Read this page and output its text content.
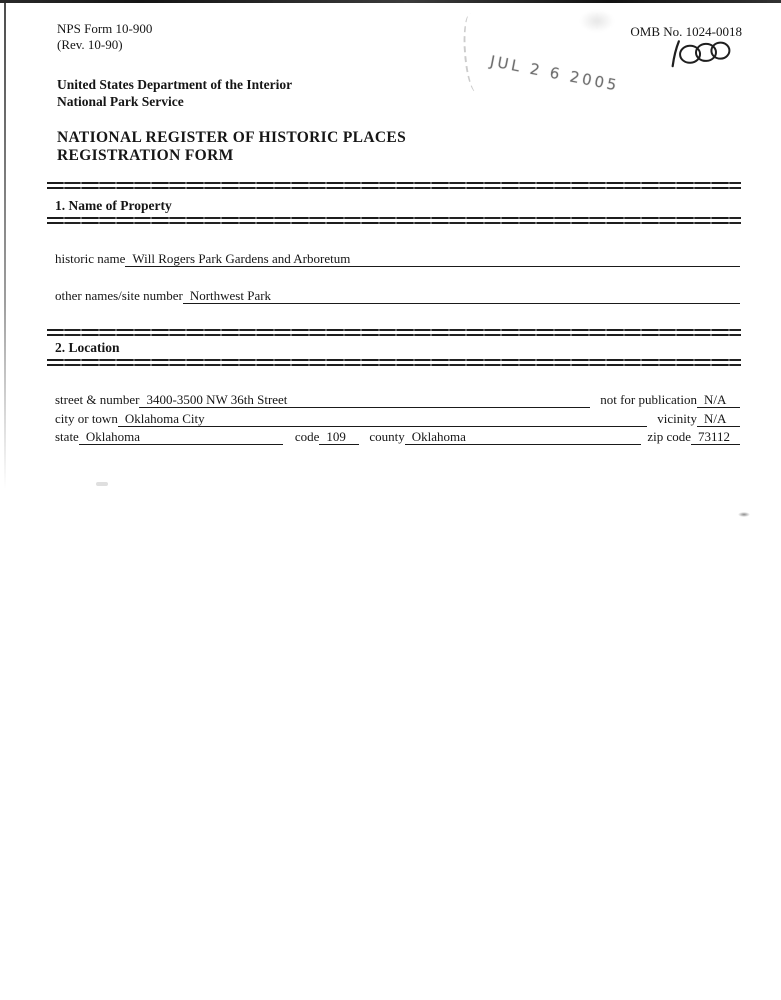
NPS Form 10-900
(Rev. 10-90)
OMB No. 1024-0018
JUL 2 6 2005
United States Department of the Interior
National Park Service
NATIONAL REGISTER OF HISTORIC PLACES
REGISTRATION FORM
1. Name of Property
historic name Will Rogers Park Gardens and Arboretum
other names/site number Northwest Park
2. Location
street & number 3400-3500 NW 36th Street	not for publication N/A
city or town Oklahoma City	vicinity N/A
state Oklahoma	code 109	county Oklahoma	zip code 73112
